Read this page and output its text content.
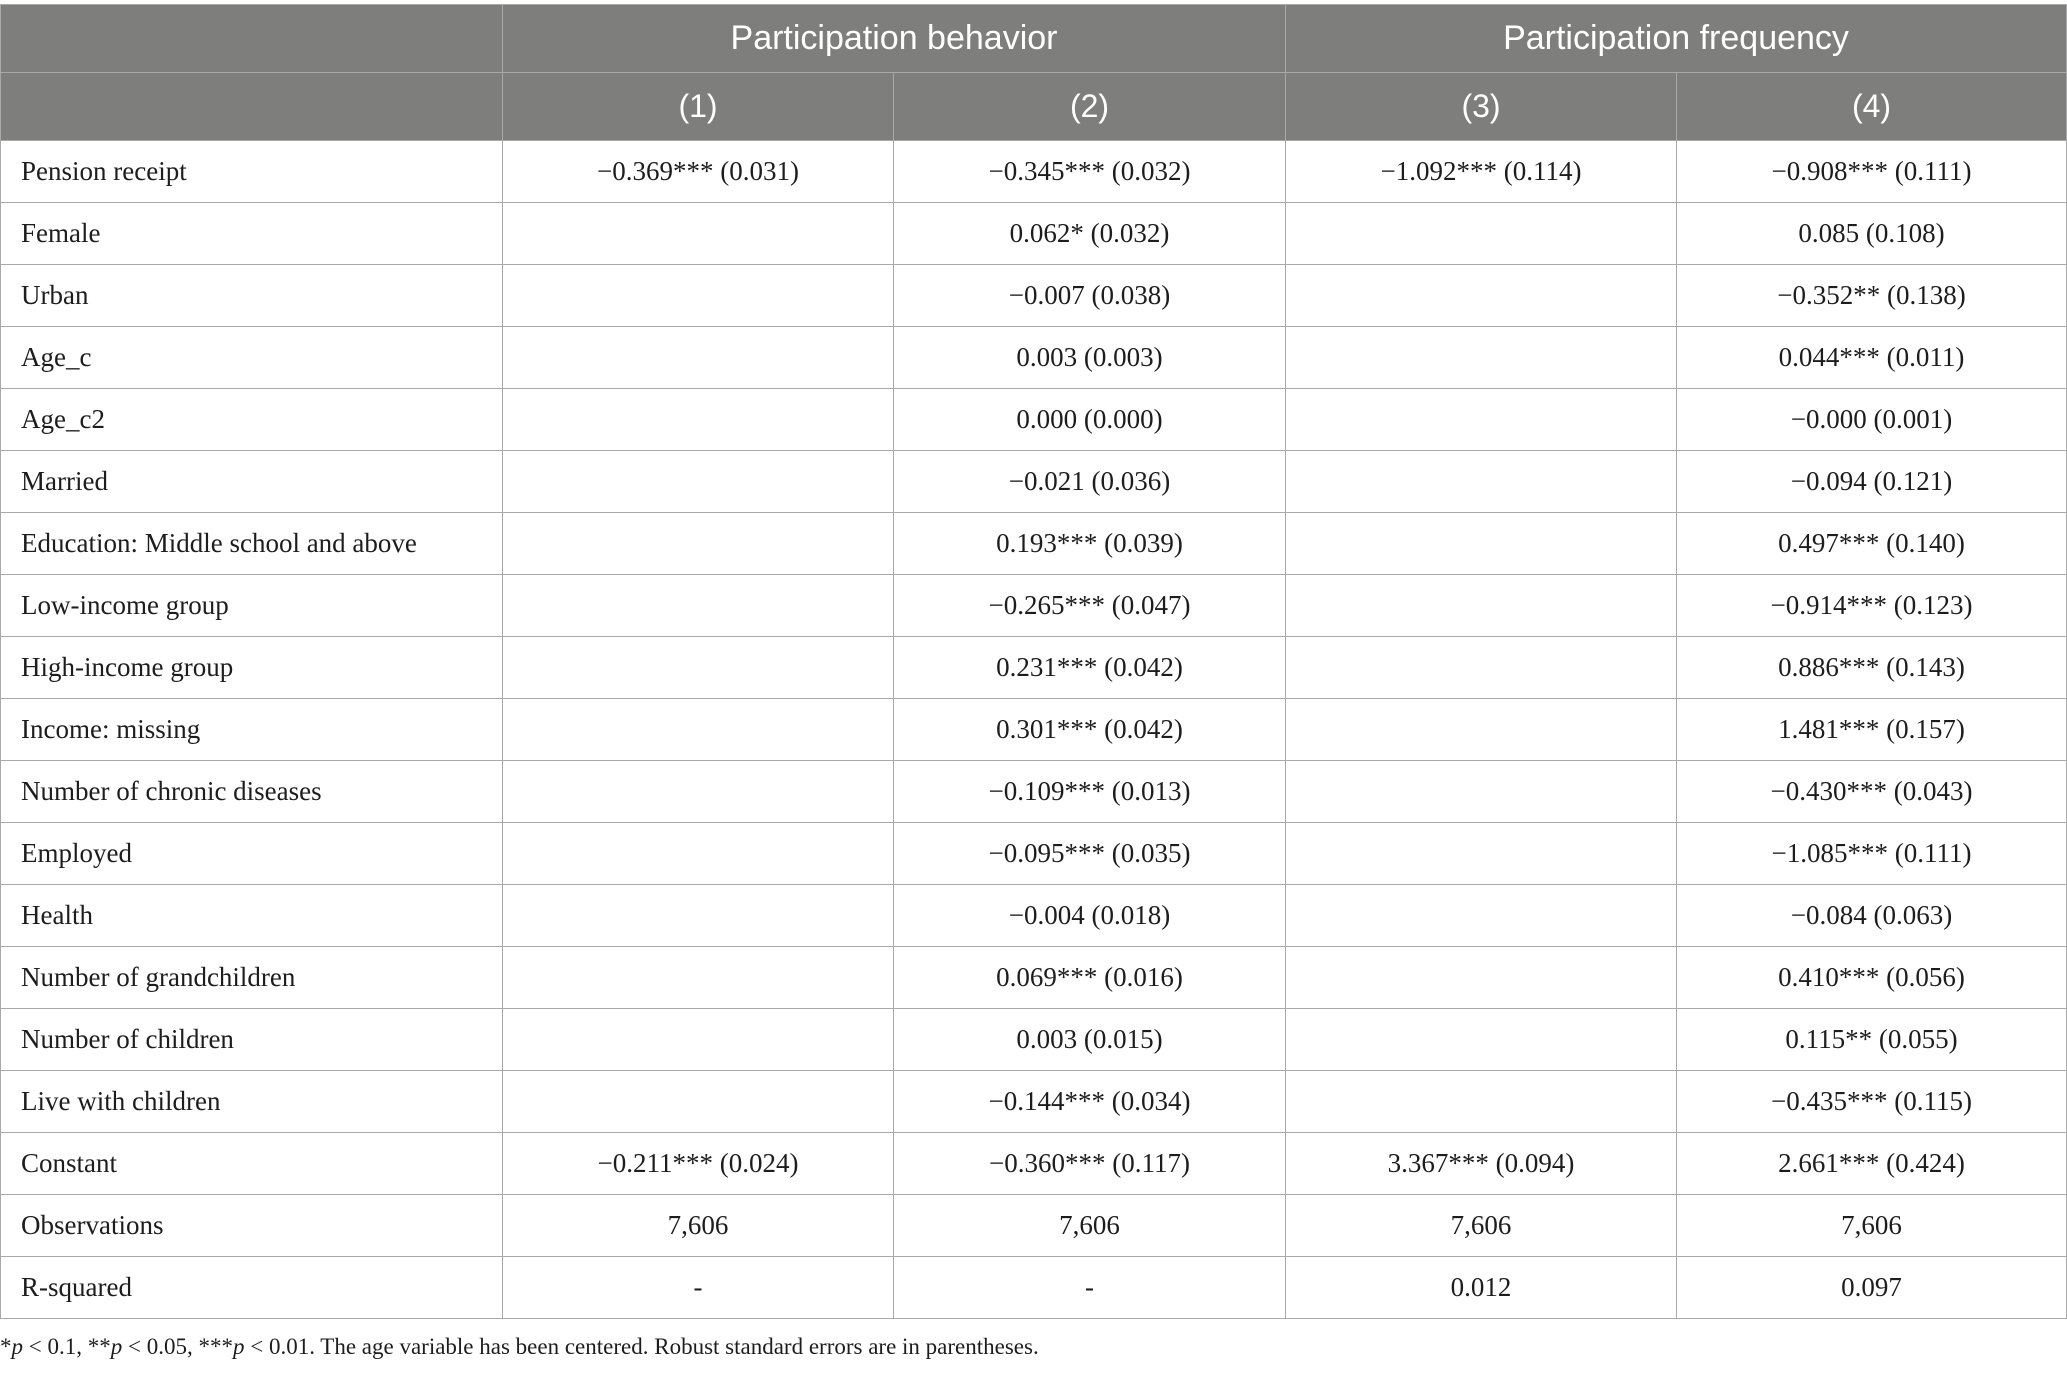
	Participation behavior		Participation frequency	
	(1)	(2)	(3)	(4)
Pension receipt	−0.369*** (0.031)	−0.345*** (0.032)	−1.092*** (0.114)	−0.908*** (0.111)
Female		0.062* (0.032)		0.085 (0.108)
Urban		−0.007 (0.038)		−0.352** (0.138)
Age_c		0.003 (0.003)		0.044*** (0.011)
Age_c2		0.000 (0.000)		−0.000 (0.001)
Married		−0.021 (0.036)		−0.094 (0.121)
Education: Middle school and above		0.193*** (0.039)		0.497*** (0.140)
Low-income group		−0.265*** (0.047)		−0.914*** (0.123)
High-income group		0.231*** (0.042)		0.886*** (0.143)
Income: missing		0.301*** (0.042)		1.481*** (0.157)
Number of chronic diseases		−0.109*** (0.013)		−0.430*** (0.043)
Employed		−0.095*** (0.035)		−1.085*** (0.111)
Health		−0.004 (0.018)		−0.084 (0.063)
Number of grandchildren		0.069*** (0.016)		0.410*** (0.056)
Number of children		0.003 (0.015)		0.115** (0.055)
Live with children		−0.144*** (0.034)		−0.435*** (0.115)
Constant	−0.211*** (0.024)	−0.360*** (0.117)	3.367*** (0.094)	2.661*** (0.424)
Observations	7,606	7,606	7,606	7,606
R-squared	-	-	0.012	0.097
*p < 0.1, **p < 0.05, ***p < 0.01. The age variable has been centered. Robust standard errors are in parentheses.
